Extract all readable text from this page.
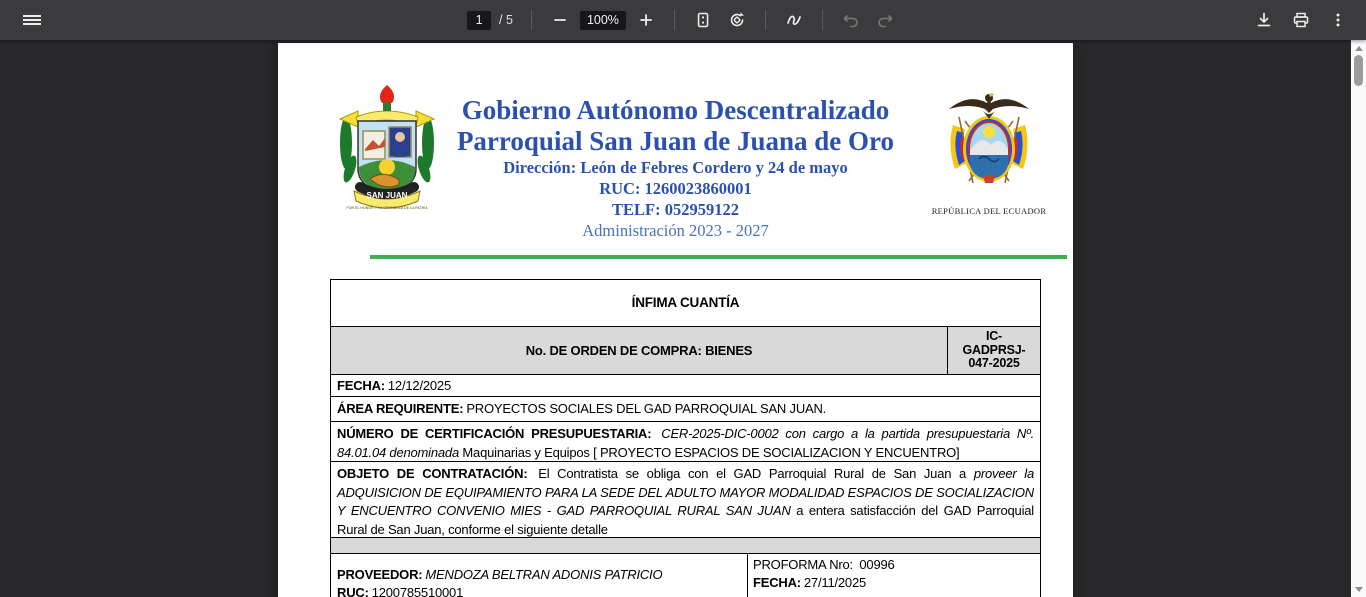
1
/ 5
100%
SAN JUAN
POR EL HONOR Y LA GRANDEZA DE LA PATRIA
Gobierno Autónomo Descentralizado
Parroquial San Juan de Juana de Oro
Dirección: León de Febres Cordero y 24 de mayo
RUC: 1260023860001
TELF: 052959122
Administración 2023 - 2027
REPÚBLICA DEL ECUADOR
ÍNFIMA CUANTÍA
No. DE ORDEN DE COMPRA: BIENES
IC-
GADPRSJ-
047-2025
FECHA: 12/12/2025
ÁREA REQUIRENTE: PROYECTOS SOCIALES DEL GAD PARROQUIAL SAN JUAN.
NÚMERO DE CERTIFICACIÓN PRESUPUESTARIA: CER-2025-DIC-0002 con cargo a la partida presupuestaria Nº. 84.01.04 denominada Maquinarias y Equipos [ PROYECTO ESPACIOS DE SOCIALIZACION Y ENCUENTRO]
OBJETO DE CONTRATACIÓN: El Contratista se obliga con el GAD Parroquial Rural de San Juan a proveer la ADQUISICION DE EQUIPAMIENTO PARA LA SEDE DEL ADULTO MAYOR MODALIDAD ESPACIOS DE SOCIALIZACION Y ENCUENTRO CONVENIO MIES - GAD PARROQUIAL RURAL SAN JUAN a entera satisfacción del GAD Parroquial Rural de San Juan, conforme el siguiente detalle
PROVEEDOR: MENDOZA BELTRAN ADONIS PATRICIO
RUC: 1200785510001
PROFORMA Nro: 00996
FECHA: 27/11/2025
